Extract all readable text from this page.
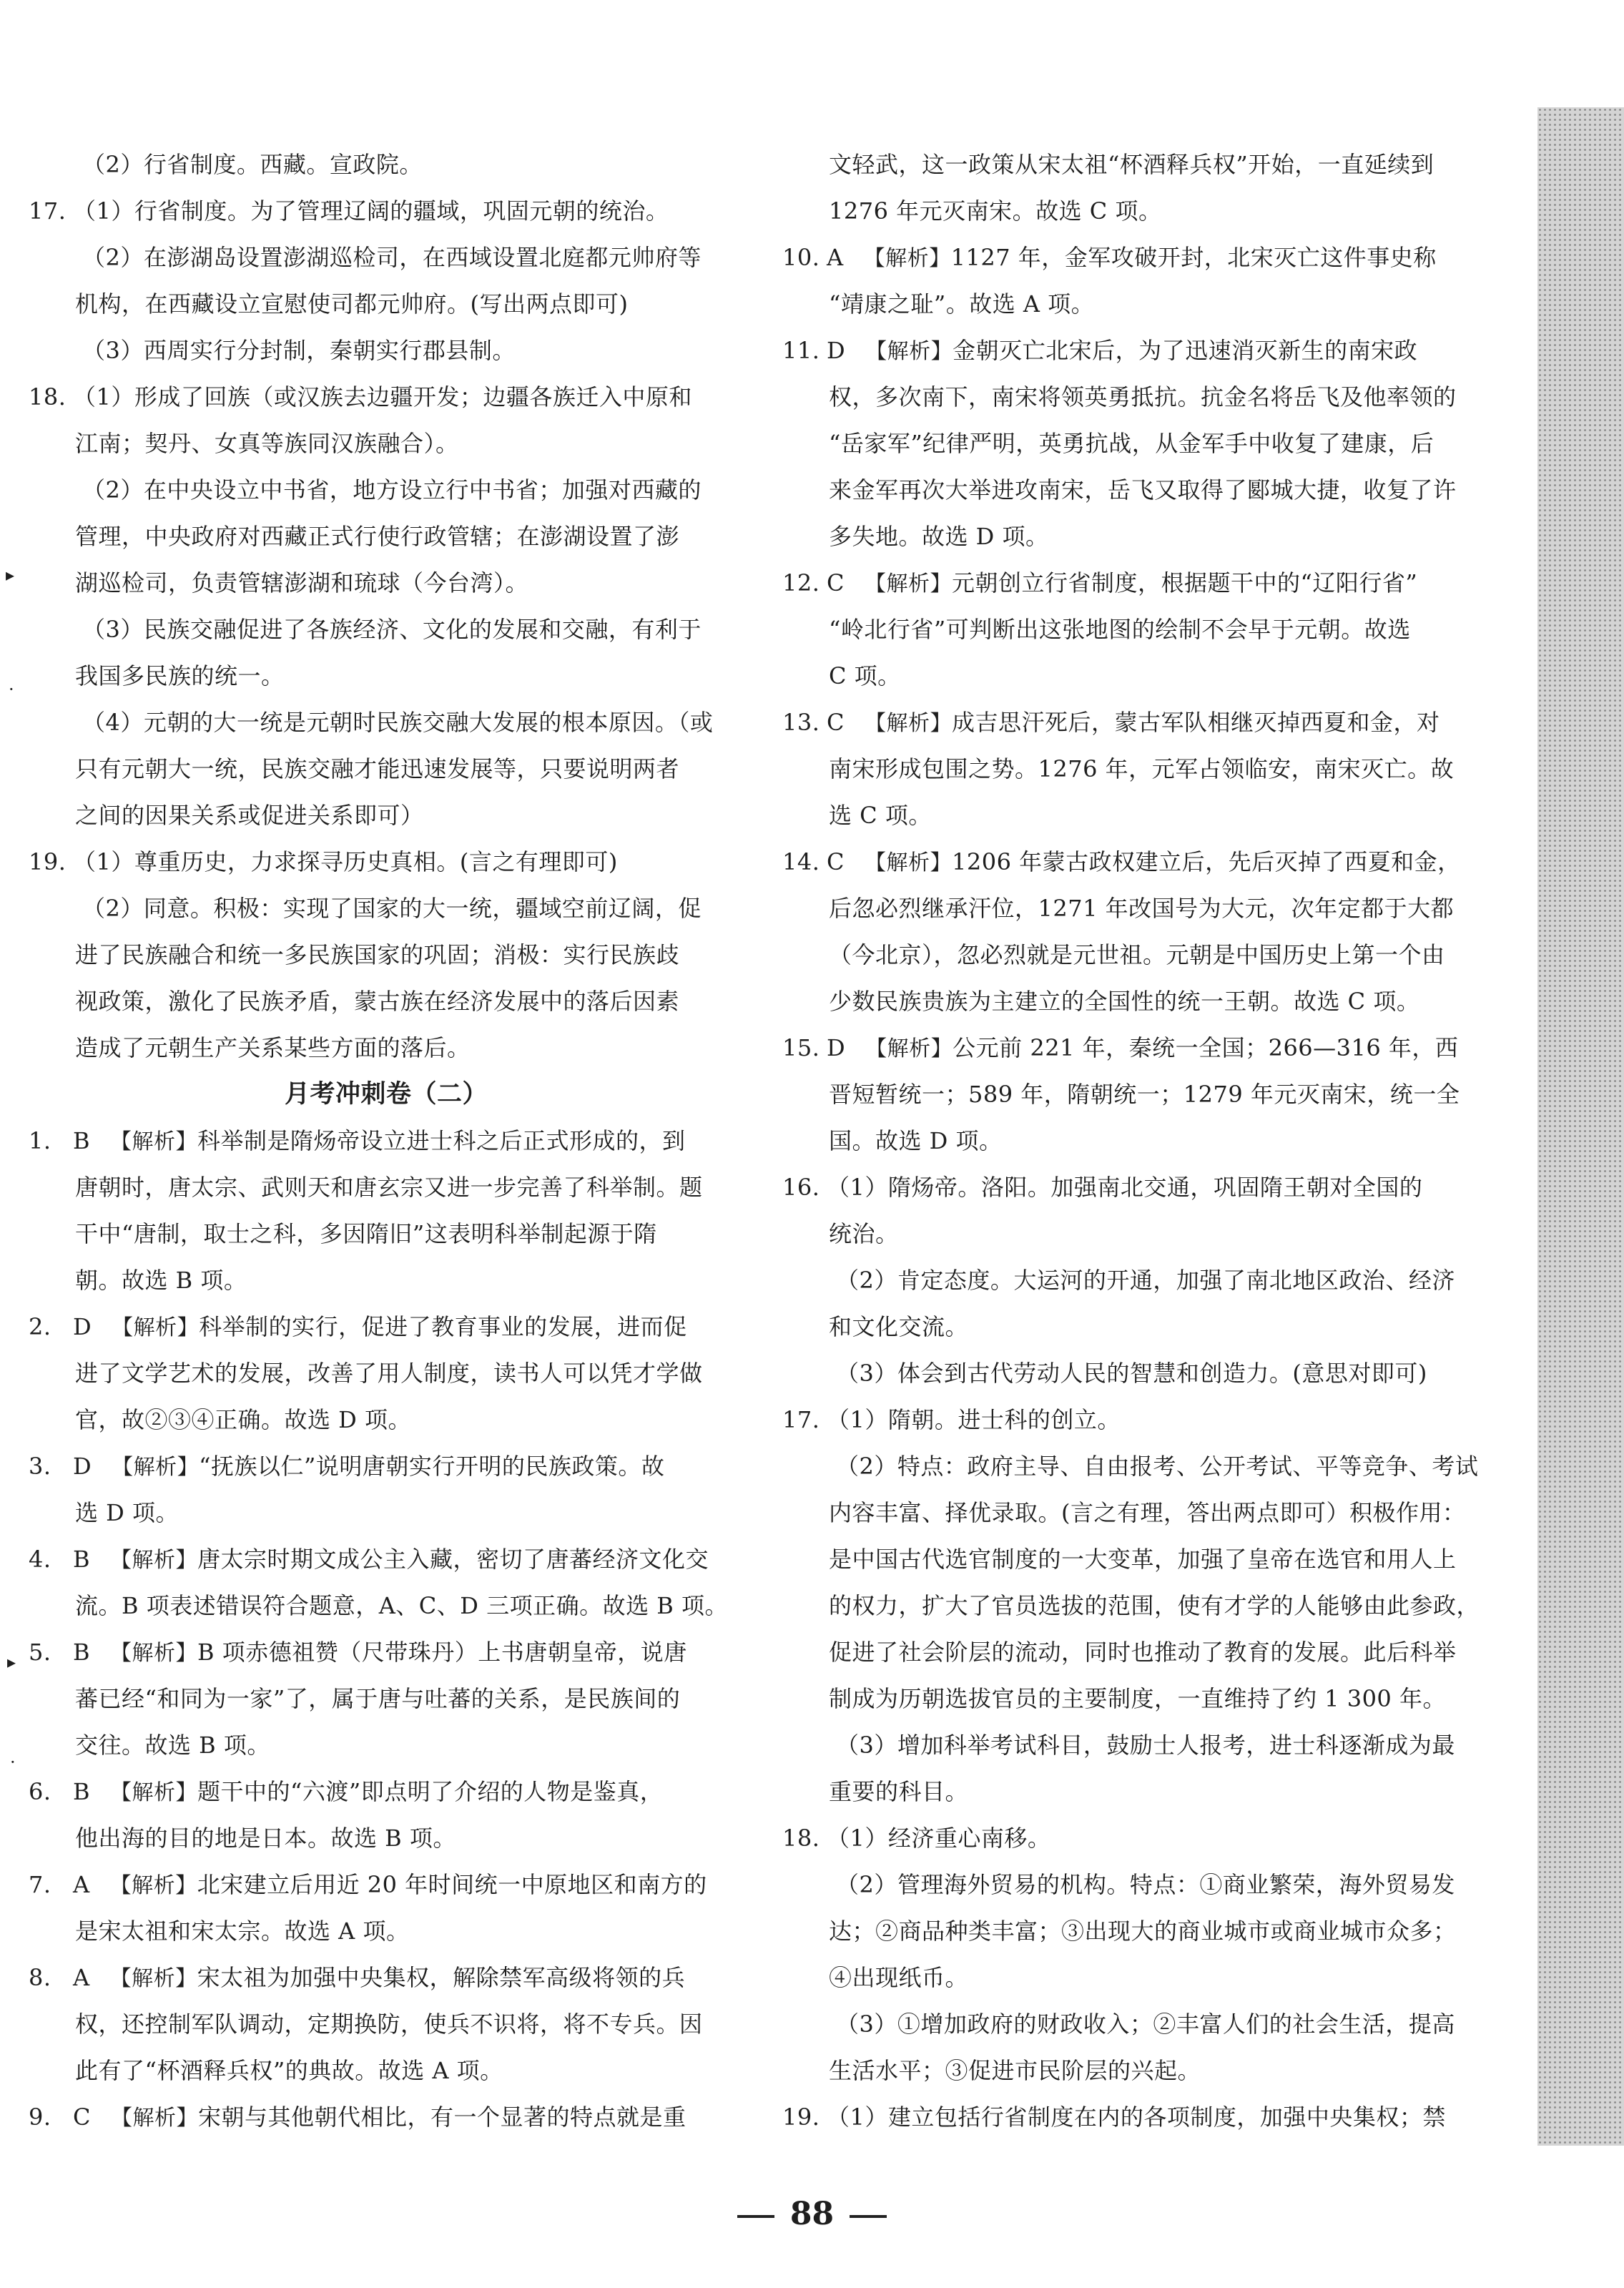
（2）行省制度。西藏。宣政院。
17. （1）行省制度。为了管理辽阔的疆域，巩固元朝的统治。
（2）在澎湖岛设置澎湖巡检司，在西域设置北庭都元帅府等
机构，在西藏设立宣慰使司都元帅府。(写出两点即可)
（3）西周实行分封制，秦朝实行郡县制。
18. （1）形成了回族（或汉族去边疆开发；边疆各族迁入中原和
江南；契丹、女真等族同汉族融合）。
（2）在中央设立中书省，地方设立行中书省；加强对西藏的
管理，中央政府对西藏正式行使行政管辖；在澎湖设置了澎
湖巡检司，负责管辖澎湖和琉球（今台湾）。
（3）民族交融促进了各族经济、文化的发展和交融，有利于
我国多民族的统一。
（4）元朝的大一统是元朝时民族交融大发展的根本原因。（或
只有元朝大一统，民族交融才能迅速发展等，只要说明两者
之间的因果关系或促进关系即可）
19. （1）尊重历史，力求探寻历史真相。(言之有理即可)
（2）同意。积极：实现了国家的大一统，疆域空前辽阔，促
进了民族融合和统一多民族国家的巩固；消极：实行民族歧
视政策，激化了民族矛盾，蒙古族在经济发展中的落后因素
造成了元朝生产关系某些方面的落后。
月考冲刺卷（二）
1. B 【解析】科举制是隋炀帝设立进士科之后正式形成的，到
唐朝时，唐太宗、武则天和唐玄宗又进一步完善了科举制。题
干中“唐制，取士之科，多因隋旧”这表明科举制起源于隋
朝。故选 B 项。
2. D 【解析】科举制的实行，促进了教育事业的发展，进而促
进了文学艺术的发展，改善了用人制度，读书人可以凭才学做
官，故②③④正确。故选 D 项。
3. D 【解析】“抚族以仁”说明唐朝实行开明的民族政策。故
选 D 项。
4. B 【解析】唐太宗时期文成公主入藏，密切了唐蕃经济文化交
流。B 项表述错误符合题意，A、C、D 三项正确。故选 B 项。
5. B 【解析】B 项赤德祖赞（尺带珠丹）上书唐朝皇帝，说唐
蕃已经“和同为一家”了，属于唐与吐蕃的关系，是民族间的
交往。故选 B 项。
6. B 【解析】题干中的“六渡”即点明了介绍的人物是鉴真，
他出海的目的地是日本。故选 B 项。
7. A 【解析】北宋建立后用近 20 年时间统一中原地区和南方的
是宋太祖和宋太宗。故选 A 项。
8. A 【解析】宋太祖为加强中央集权，解除禁军高级将领的兵
权，还控制军队调动，定期换防，使兵不识将，将不专兵。因
此有了“杯酒释兵权”的典故。故选 A 项。
9. C 【解析】宋朝与其他朝代相比，有一个显著的特点就是重
文轻武，这一政策从宋太祖“杯酒释兵权”开始，一直延续到
1276 年元灭南宋。故选 C 项。
10. A 【解析】1127 年，金军攻破开封，北宋灭亡这件事史称
“靖康之耻”。故选 A 项。
11. D 【解析】金朝灭亡北宋后，为了迅速消灭新生的南宋政
权，多次南下，南宋将领英勇抵抗。抗金名将岳飞及他率领的
“岳家军”纪律严明，英勇抗战，从金军手中收复了建康，后
来金军再次大举进攻南宋，岳飞又取得了郾城大捷，收复了许
多失地。故选 D 项。
12. C 【解析】元朝创立行省制度，根据题干中的“辽阳行省”
“岭北行省”可判断出这张地图的绘制不会早于元朝。故选
C 项。
13. C 【解析】成吉思汗死后，蒙古军队相继灭掉西夏和金，对
南宋形成包围之势。1276 年，元军占领临安，南宋灭亡。故
选 C 项。
14. C 【解析】1206 年蒙古政权建立后，先后灭掉了西夏和金，
后忽必烈继承汗位，1271 年改国号为大元，次年定都于大都
（今北京），忽必烈就是元世祖。元朝是中国历史上第一个由
少数民族贵族为主建立的全国性的统一王朝。故选 C 项。
15. D 【解析】公元前 221 年，秦统一全国；266—316 年，西
晋短暂统一；589 年，隋朝统一；1279 年元灭南宋，统一全
国。故选 D 项。
16. （1）隋炀帝。洛阳。加强南北交通，巩固隋王朝对全国的
统治。
（2）肯定态度。大运河的开通，加强了南北地区政治、经济
和文化交流。
（3）体会到古代劳动人民的智慧和创造力。(意思对即可)
17. （1）隋朝。进士科的创立。
（2）特点：政府主导、自由报考、公开考试、平等竞争、考试
内容丰富、择优录取。(言之有理，答出两点即可）积极作用：
是中国古代选官制度的一大变革，加强了皇帝在选官和用人上
的权力，扩大了官员选拔的范围，使有才学的人能够由此参政，
促进了社会阶层的流动，同时也推动了教育的发展。此后科举
制成为历朝选拔官员的主要制度，一直维持了约 1 300 年。
（3）增加科举考试科目，鼓励士人报考，进士科逐渐成为最
重要的科目。
18. （1）经济重心南移。
（2）管理海外贸易的机构。特点：①商业繁荣，海外贸易发
达；②商品种类丰富；③出现大的商业城市或商业城市众多；
④出现纸币。
（3）①增加政府的财政收入；②丰富人们的社会生活，提高
生活水平；③促进市民阶层的兴起。
19. （1）建立包括行省制度在内的各项制度，加强中央集权；禁
▸
·
▸
·
88
